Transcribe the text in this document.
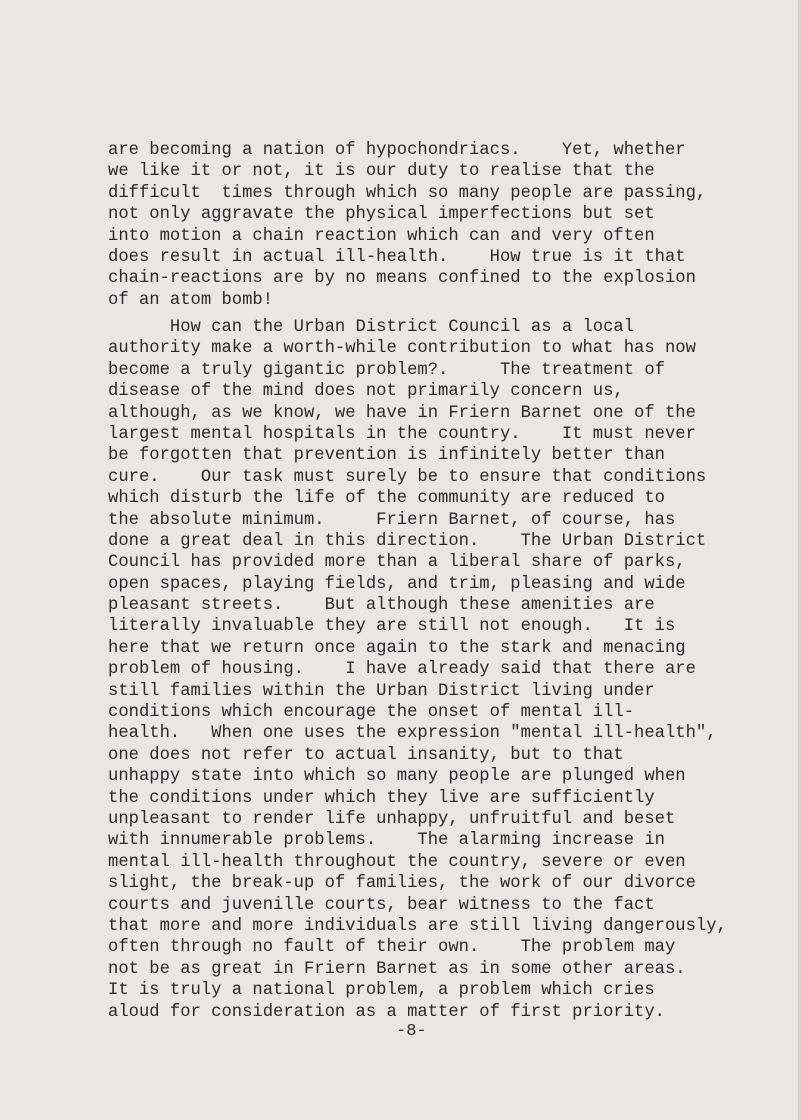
are becoming a nation of hypochondriacs.    Yet, whether
we like it or not, it is our duty to realise that the
difficult  times through which so many people are passing,
not only aggravate the physical imperfections but set
into motion a chain reaction which can and very often
does result in actual ill-health.    How true is it that
chain-reactions are by no means confined to the explosion
of an atom bomb!
How can the Urban District Council as a local
authority make a worth-while contribution to what has now
become a truly gigantic problem?.     The treatment of
disease of the mind does not primarily concern us,
although, as we know, we have in Friern Barnet one of the
largest mental hospitals in the country.    It must never
be forgotten that prevention is infinitely better than
cure.    Our task must surely be to ensure that conditions
which disturb the life of the community are reduced to
the absolute minimum.     Friern Barnet, of course, has
done a great deal in this direction.    The Urban District
Council has provided more than a liberal share of parks,
open spaces, playing fields, and trim, pleasing and wide
pleasant streets.    But although these amenities are
literally invaluable they are still not enough.   It is
here that we return once again to the stark and menacing
problem of housing.    I have already said that there are
still families within the Urban District living under
conditions which encourage the onset of mental ill-
health.   When one uses the expression "mental ill-health",
one does not refer to actual insanity, but to that
unhappy state into which so many people are plunged when
the conditions under which they live are sufficiently
unpleasant to render life unhappy, unfruitful and beset
with innumerable problems.    The alarming increase in
mental ill-health throughout the country, severe or even
slight, the break-up of families, the work of our divorce
courts and juvenille courts, bear witness to the fact
that more and more individuals are still living dangerously,
often through no fault of their own.    The problem may
not be as great in Friern Barnet as in some other areas.
It is truly a national problem, a problem which cries
aloud for consideration as a matter of first priority.

-8-
